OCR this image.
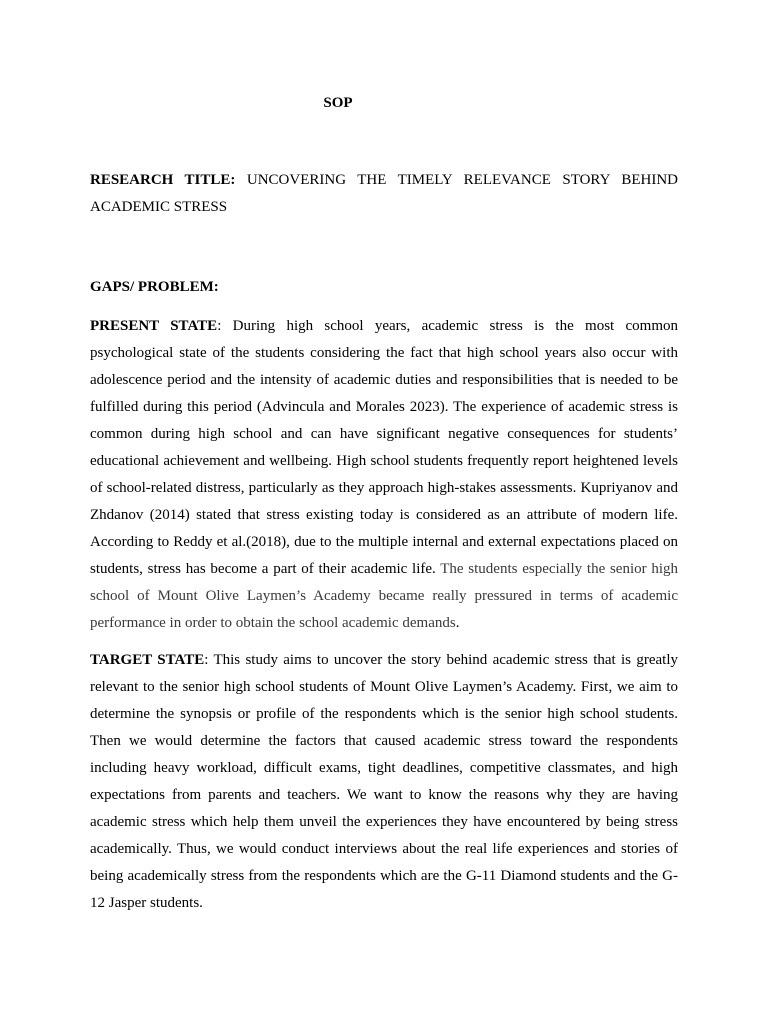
SOP

RESEARCH TITLE: UNCOVERING THE TIMELY RELEVANCE STORY BEHIND ACADEMIC STRESS

GAPS/ PROBLEM:

PRESENT STATE: During high school years, academic stress is the most common psychological state of the students considering the fact that high school years also occur with adolescence period and the intensity of academic duties and responsibilities that is needed to be fulfilled during this period (Advincula and Morales 2023). The experience of academic stress is common during high school and can have significant negative consequences for students’ educational achievement and wellbeing. High school students frequently report heightened levels of school-related distress, particularly as they approach high-stakes assessments. Kupriyanov and Zhdanov (2014) stated that stress existing today is considered as an attribute of modern life. According to Reddy et al.(2018), due to the multiple internal and external expectations placed on students, stress has become a part of their academic life. The students especially the senior high school of Mount Olive Laymen’s Academy became really pressured in terms of academic performance in order to obtain the school academic demands.

TARGET STATE: This study aims to uncover the story behind academic stress that is greatly relevant to the senior high school students of Mount Olive Laymen’s Academy. First, we aim to determine the synopsis or profile of the respondents which is the senior high school students. Then we would determine the factors that caused academic stress toward the respondents including heavy workload, difficult exams, tight deadlines, competitive classmates, and high expectations from parents and teachers. We want to know the reasons why they are having academic stress which help them unveil the experiences they have encountered by being stress academically. Thus, we would conduct interviews about the real life experiences and stories of being academically stress from the respondents which are the G-11 Diamond students and the G-12 Jasper students.
